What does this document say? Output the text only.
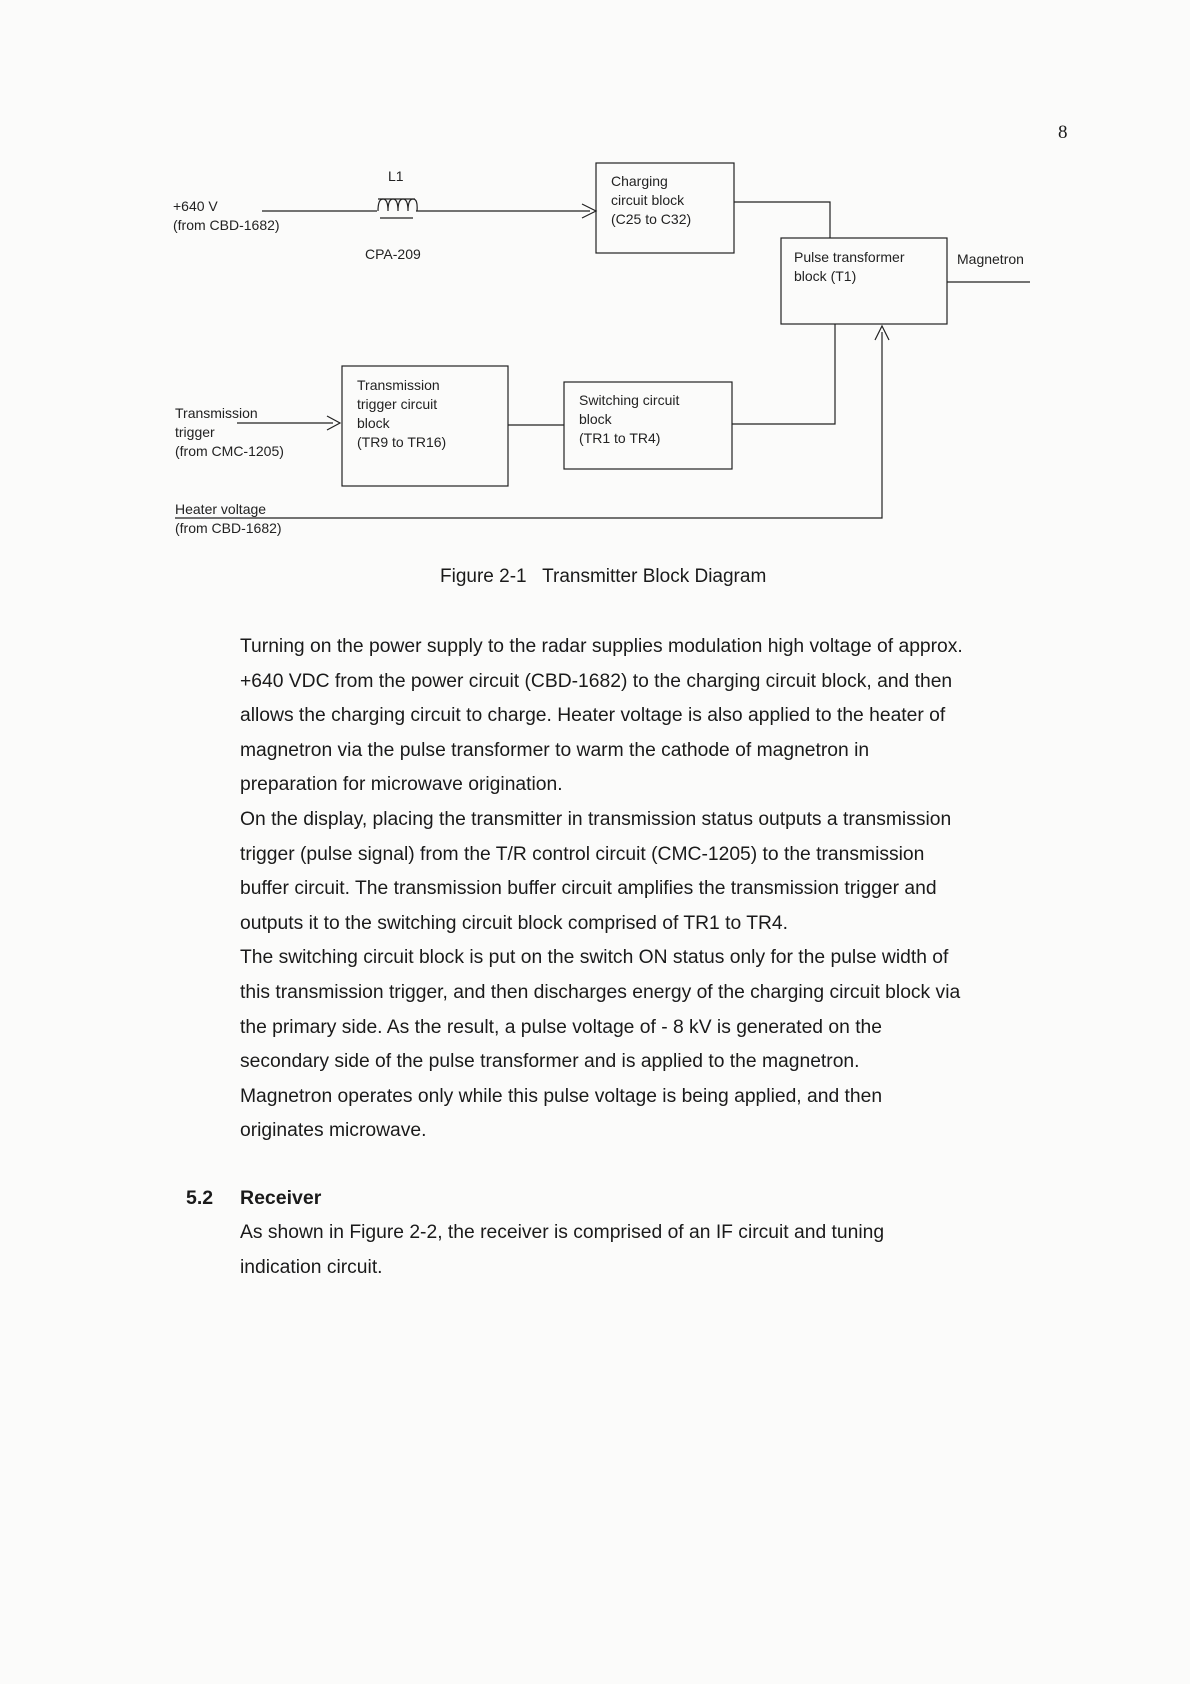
8
+640 V
(from CBD-1682)
L1
CPA-209
Charging
circuit block
(C25 to C32)
Pulse transformer
block (T1)
Magnetron
Transmission
trigger
(from CMC-1205)
Transmission
trigger circuit
block
(TR9 to TR16)
Switching circuit
block
(TR1 to TR4)
Heater voltage
(from CBD-1682)
Figure 2-1   Transmitter Block Diagram

Turning on the power supply to the radar supplies modulation high voltage of approx.

+640 VDC from the power circuit (CBD-1682) to the charging circuit block, and then

allows the charging circuit to charge. Heater voltage is also applied to the heater of

magnetron via the pulse transformer to warm the cathode of magnetron in

preparation for microwave origination.

On the display, placing the transmitter in transmission status outputs a transmission

trigger (pulse signal) from the T/R control circuit (CMC-1205) to the transmission

buffer circuit. The transmission buffer circuit amplifies the transmission trigger and

outputs it to the switching circuit block comprised of TR1 to TR4.

The switching circuit block is put on the switch ON status only for the pulse width of

this transmission trigger, and then discharges energy of the charging circuit block via

the primary side. As the result, a pulse voltage of - 8 kV is generated on the

secondary side of the pulse transformer and is applied to the magnetron.

Magnetron operates only while this pulse voltage is being applied, and then

originates microwave.

5.2 Receiver

As shown in Figure 2-2, the receiver is comprised of an IF circuit and tuning

indication circuit.
